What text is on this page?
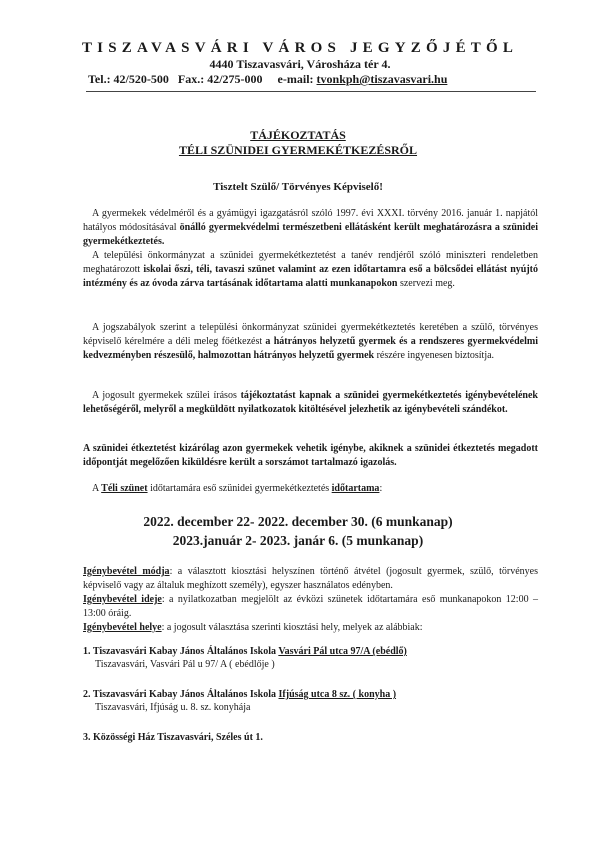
TISZAVASVÁRI VÁROS JEGYZŐJÉTŐL
4440 Tiszavasvári, Városháza tér 4.
Tel.: 42/520-500 Fax.: 42/275-000 e-mail: tvonkph@tiszavasvari.hu
TÁJÉKOZTATÁS
TÉLI SZÜNIDEI GYERMEKÉTKEZÉSRŐL
Tisztelt Szülő/ Törvényes Képviselő!
A gyermekek védelméről és a gyámügyi igazgatásról szóló 1997. évi XXXI. törvény 2016. január 1. napjától hatályos módosításával önálló gyermekvédelmi természetbeni ellátásként került meghatározásra a szünidei gyermekétkeztetés.
A települési önkormányzat a szünidei gyermekétkeztetést a tanév rendjéről szóló miniszteri rendeletben meghatározott iskolai őszi, téli, tavaszi szünet valamint az ezen időtartamra eső a bölcsődei ellátást nyújtó intézmény és az óvoda zárva tartásának időtartama alatti munkanapokon szervezi meg.
A jogszabályok szerint a települési önkormányzat szünidei gyermekétkeztetés keretében a szülő, törvényes képviselő kérelmére a déli meleg főétkezést a hátrányos helyzetű gyermek és a rendszeres gyermekvédelmi kedvezményben részesülő, halmozottan hátrányos helyzetű gyermek részére ingyenesen biztosítja.
A jogosult gyermekek szülei írásos tájékoztatást kapnak a szünidei gyermekétkeztetés igénybevételének lehetőségéről, melyről a megküldött nyilatkozatok kitöltésével jelezhetik az igénybevételi szándékot.
A szünidei étkeztetést kizárólag azon gyermekek vehetik igénybe, akiknek a szünidei étkeztetés megadott időpontját megelőzően kiküldésre került a sorszámot tartalmazó igazolás.
A Téli szünet időtartamára eső szünidei gyermekétkeztetés időtartama:
2022. december 22- 2022. december 30. (6 munkanap)
2023.január 2- 2023. janár 6. (5 munkanap)
Igénybevétel módja: a választott kiosztási helyszínen történő átvétel (jogosult gyermek, szülő, törvényes képviselő vagy az általuk meghízott személy), egyszer használatos edényben.
Igénybevétel ideje: a nyilatkozatban megjelölt az évközi szünetek időtartamára eső munkanapokon 12:00 – 13:00 óráig.
Igénybevétel helye: a jogosult választása szerinti kiosztási hely, melyek az alábbiak:
1. Tiszavasvári Kabay János Általános Iskola Vasvári Pál utca 97/A (ebédlő)
Tiszavasvári, Vasvári Pál u 97/ A ( ebédlője )
2. Tiszavasvári Kabay János Általános Iskola Ifjúság utca 8 sz. ( konyha )
Tiszavasvári, Ifjúság u. 8. sz. konyhája
3. Közösségi Ház Tiszavasvári, Széles út 1.
